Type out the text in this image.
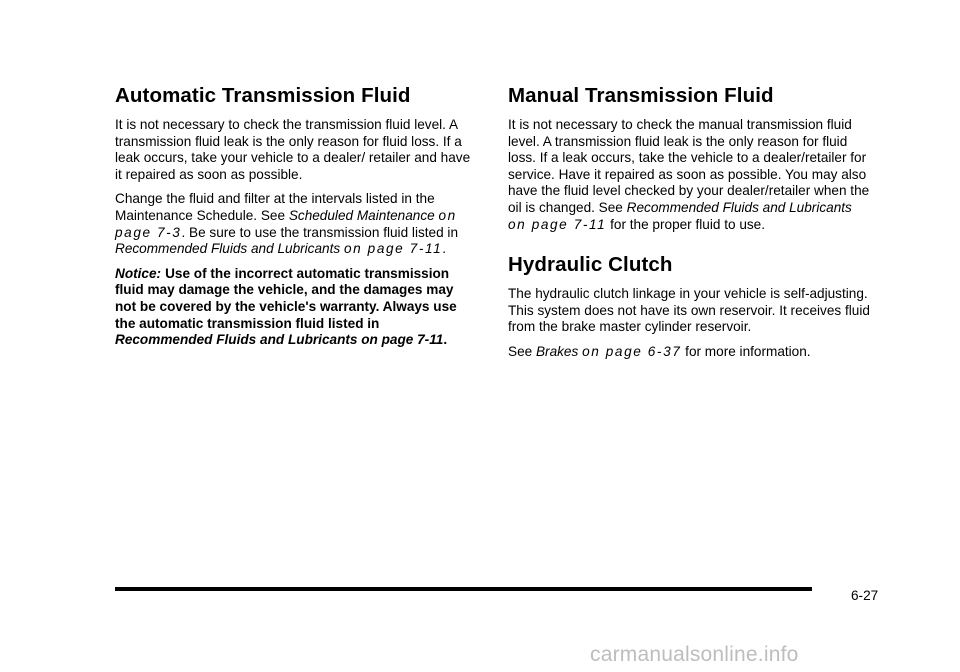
Automatic Transmission Fluid

It is not necessary to check the transmission fluid level. A transmission fluid leak is the only reason for fluid loss. If a leak occurs, take your vehicle to a dealer/ retailer and have it repaired as soon as possible.

Change the fluid and filter at the intervals listed in the Maintenance Schedule. See Scheduled Maintenance on page 7-3. Be sure to use the transmission fluid listed in Recommended Fluids and Lubricants on page 7-11.

Notice: Use of the incorrect automatic transmission fluid may damage the vehicle, and the damages may not be covered by the vehicle's warranty. Always use the automatic transmission fluid listed in Recommended Fluids and Lubricants on page 7-11.

Manual Transmission Fluid

It is not necessary to check the manual transmission fluid level. A transmission fluid leak is the only reason for fluid loss. If a leak occurs, take the vehicle to a dealer/retailer for service. Have it repaired as soon as possible. You may also have the fluid level checked by your dealer/retailer when the oil is changed. See Recommended Fluids and Lubricants on page 7-11 for the proper fluid to use.

Hydraulic Clutch

The hydraulic clutch linkage in your vehicle is self-adjusting. This system does not have its own reservoir. It receives fluid from the brake master cylinder reservoir.

See Brakes on page 6-37 for more information.

6-27
carmanualsonline.info
